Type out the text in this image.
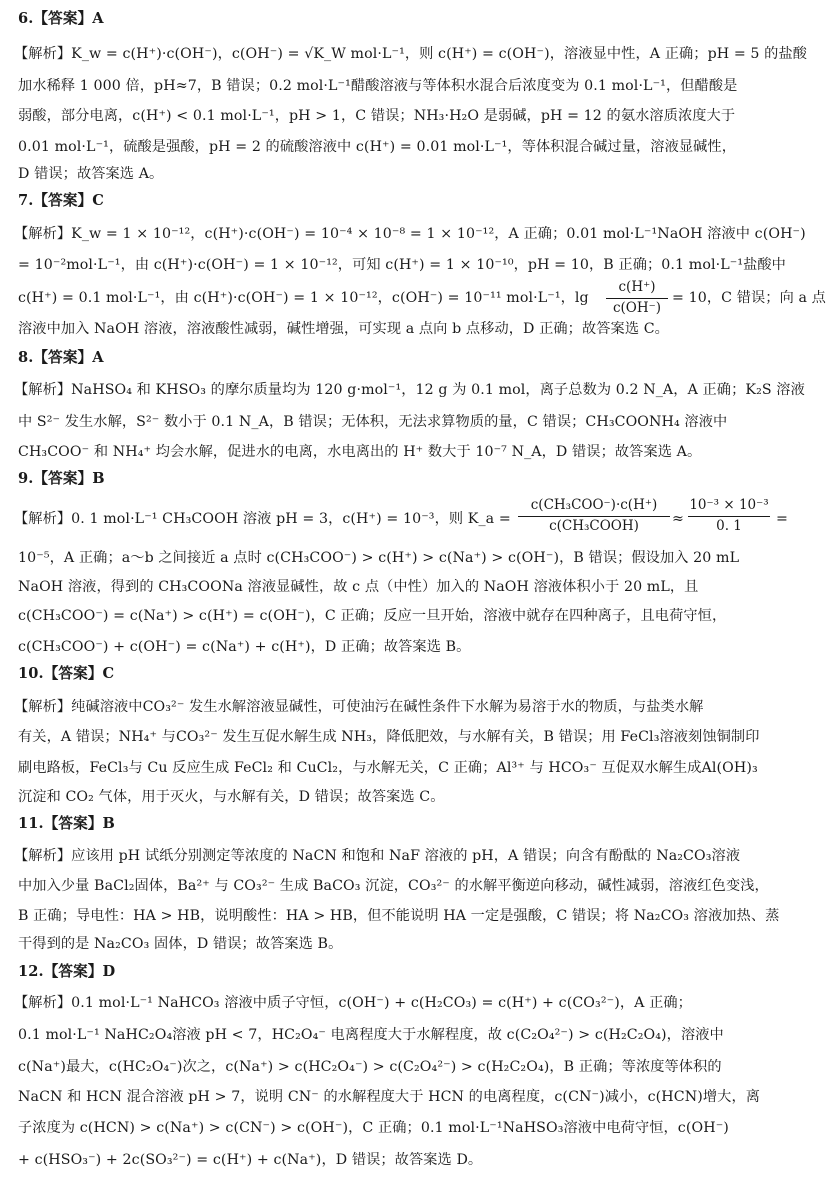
6.【答案】A
【解析】K_w = c(H⁺)·c(OH⁻)，c(OH⁻) = √K_W mol·L⁻¹，则 c(H⁺) = c(OH⁻)，溶液显中性，A 正确；pH = 5 的盐酸
加水稀释 1 000 倍，pH≈7，B 错误；0.2 mol·L⁻¹醋酸溶液与等体积水混合后浓度变为 0.1 mol·L⁻¹，但醋酸是
弱酸，部分电离，c(H⁺) < 0.1 mol·L⁻¹，pH > 1，C 错误；NH₃·H₂O 是弱碱，pH = 12 的氨水溶质浓度大于
0.01 mol·L⁻¹，硫酸是强酸，pH = 2 的硫酸溶液中 c(H⁺) = 0.01 mol·L⁻¹，等体积混合碱过量，溶液显碱性，
D 错误；故答案选 A。
7.【答案】C
【解析】K_w = 1 × 10⁻¹²，c(H⁺)·c(OH⁻) = 10⁻⁴ × 10⁻⁸ = 1 × 10⁻¹²，A 正确；0.01 mol·L⁻¹NaOH 溶液中 c(OH⁻)
= 10⁻²mol·L⁻¹，由 c(H⁺)·c(OH⁻) = 1 × 10⁻¹²，可知 c(H⁺) = 1 × 10⁻¹⁰，pH = 10，B 正确；0.1 mol·L⁻¹盐酸中
c(H⁺) = 0.1 mol·L⁻¹，由 c(H⁺)·c(OH⁻) = 1 × 10⁻¹²，c(OH⁻) = 10⁻¹¹ mol·L⁻¹，lg
c(H⁺)
c(OH⁻)
= 10，C 错误；向 a 点
溶液中加入 NaOH 溶液，溶液酸性减弱，碱性增强，可实现 a 点向 b 点移动，D 正确；故答案选 C。
8.【答案】A
【解析】NaHSO₄ 和 KHSO₃ 的摩尔质量均为 120 g·mol⁻¹，12 g 为 0.1 mol，离子总数为 0.2 N_A，A 正确；K₂S 溶液
中 S²⁻ 发生水解，S²⁻ 数小于 0.1 N_A，B 错误；无体积，无法求算物质的量，C 错误；CH₃COONH₄ 溶液中
CH₃COO⁻ 和 NH₄⁺ 均会水解，促进水的电离，水电离出的 H⁺ 数大于 10⁻⁷ N_A，D 错误；故答案选 A。
9.【答案】B
【解析】0. 1 mol·L⁻¹ CH₃COOH 溶液 pH = 3，c(H⁺) = 10⁻³，则 K_a =
c(CH₃COO⁻)·c(H⁺)
c(CH₃COOH)	≈
10⁻³ × 10⁻³
0. 1	=
10⁻⁵，A 正确；a～b 之间接近 a 点时 c(CH₃COO⁻) > c(H⁺) > c(Na⁺) > c(OH⁻)，B 错误；假设加入 20 mL
NaOH 溶液，得到的 CH₃COONa 溶液显碱性，故 c 点（中性）加入的 NaOH 溶液体积小于 20 mL，且
c(CH₃COO⁻) = c(Na⁺) > c(H⁺) = c(OH⁻)，C 正确；反应一旦开始，溶液中就存在四种离子，且电荷守恒，
c(CH₃COO⁻) + c(OH⁻) = c(Na⁺) + c(H⁺)，D 正确；故答案选 B。
10.【答案】C
【解析】纯碱溶液中CO₃²⁻ 发生水解溶液显碱性，可使油污在碱性条件下水解为易溶于水的物质，与盐类水解
有关，A 错误；NH₄⁺ 与CO₃²⁻ 发生互促水解生成 NH₃，降低肥效，与水解有关，B 错误；用 FeCl₃溶液刻蚀铜制印
刷电路板，FeCl₃与 Cu 反应生成 FeCl₂ 和 CuCl₂，与水解无关，C 正确；Al³⁺ 与 HCO₃⁻ 互促双水解生成Al(OH)₃
沉淀和 CO₂ 气体，用于灭火，与水解有关，D 错误；故答案选 C。
11.【答案】B
【解析】应该用 pH 试纸分别测定等浓度的 NaCN 和饱和 NaF 溶液的 pH，A 错误；向含有酚酞的 Na₂CO₃溶液
中加入少量 BaCl₂固体，Ba²⁺ 与 CO₃²⁻ 生成 BaCO₃ 沉淀，CO₃²⁻ 的水解平衡逆向移动，碱性减弱，溶液红色变浅，
B 正确；导电性：HA > HB，说明酸性：HA > HB，但不能说明 HA 一定是强酸，C 错误；将 Na₂CO₃ 溶液加热、蒸
干得到的是 Na₂CO₃ 固体，D 错误；故答案选 B。
12.【答案】D
【解析】0.1 mol·L⁻¹ NaHCO₃ 溶液中质子守恒，c(OH⁻) + c(H₂CO₃) = c(H⁺) + c(CO₃²⁻)，A 正确；
0.1 mol·L⁻¹ NaHC₂O₄溶液 pH < 7，HC₂O₄⁻ 电离程度大于水解程度，故 c(C₂O₄²⁻) > c(H₂C₂O₄)，溶液中
c(Na⁺)最大，c(HC₂O₄⁻)次之，c(Na⁺) > c(HC₂O₄⁻) > c(C₂O₄²⁻) > c(H₂C₂O₄)，B 正确；等浓度等体积的
NaCN 和 HCN 混合溶液 pH > 7，说明 CN⁻ 的水解程度大于 HCN 的电离程度，c(CN⁻)减小，c(HCN)增大，离
子浓度为 c(HCN) > c(Na⁺) > c(CN⁻) > c(OH⁻)，C 正确；0.1 mol·L⁻¹NaHSO₃溶液中电荷守恒，c(OH⁻)
+ c(HSO₃⁻) + 2c(SO₃²⁻) = c(H⁺) + c(Na⁺)，D 错误；故答案选 D。
